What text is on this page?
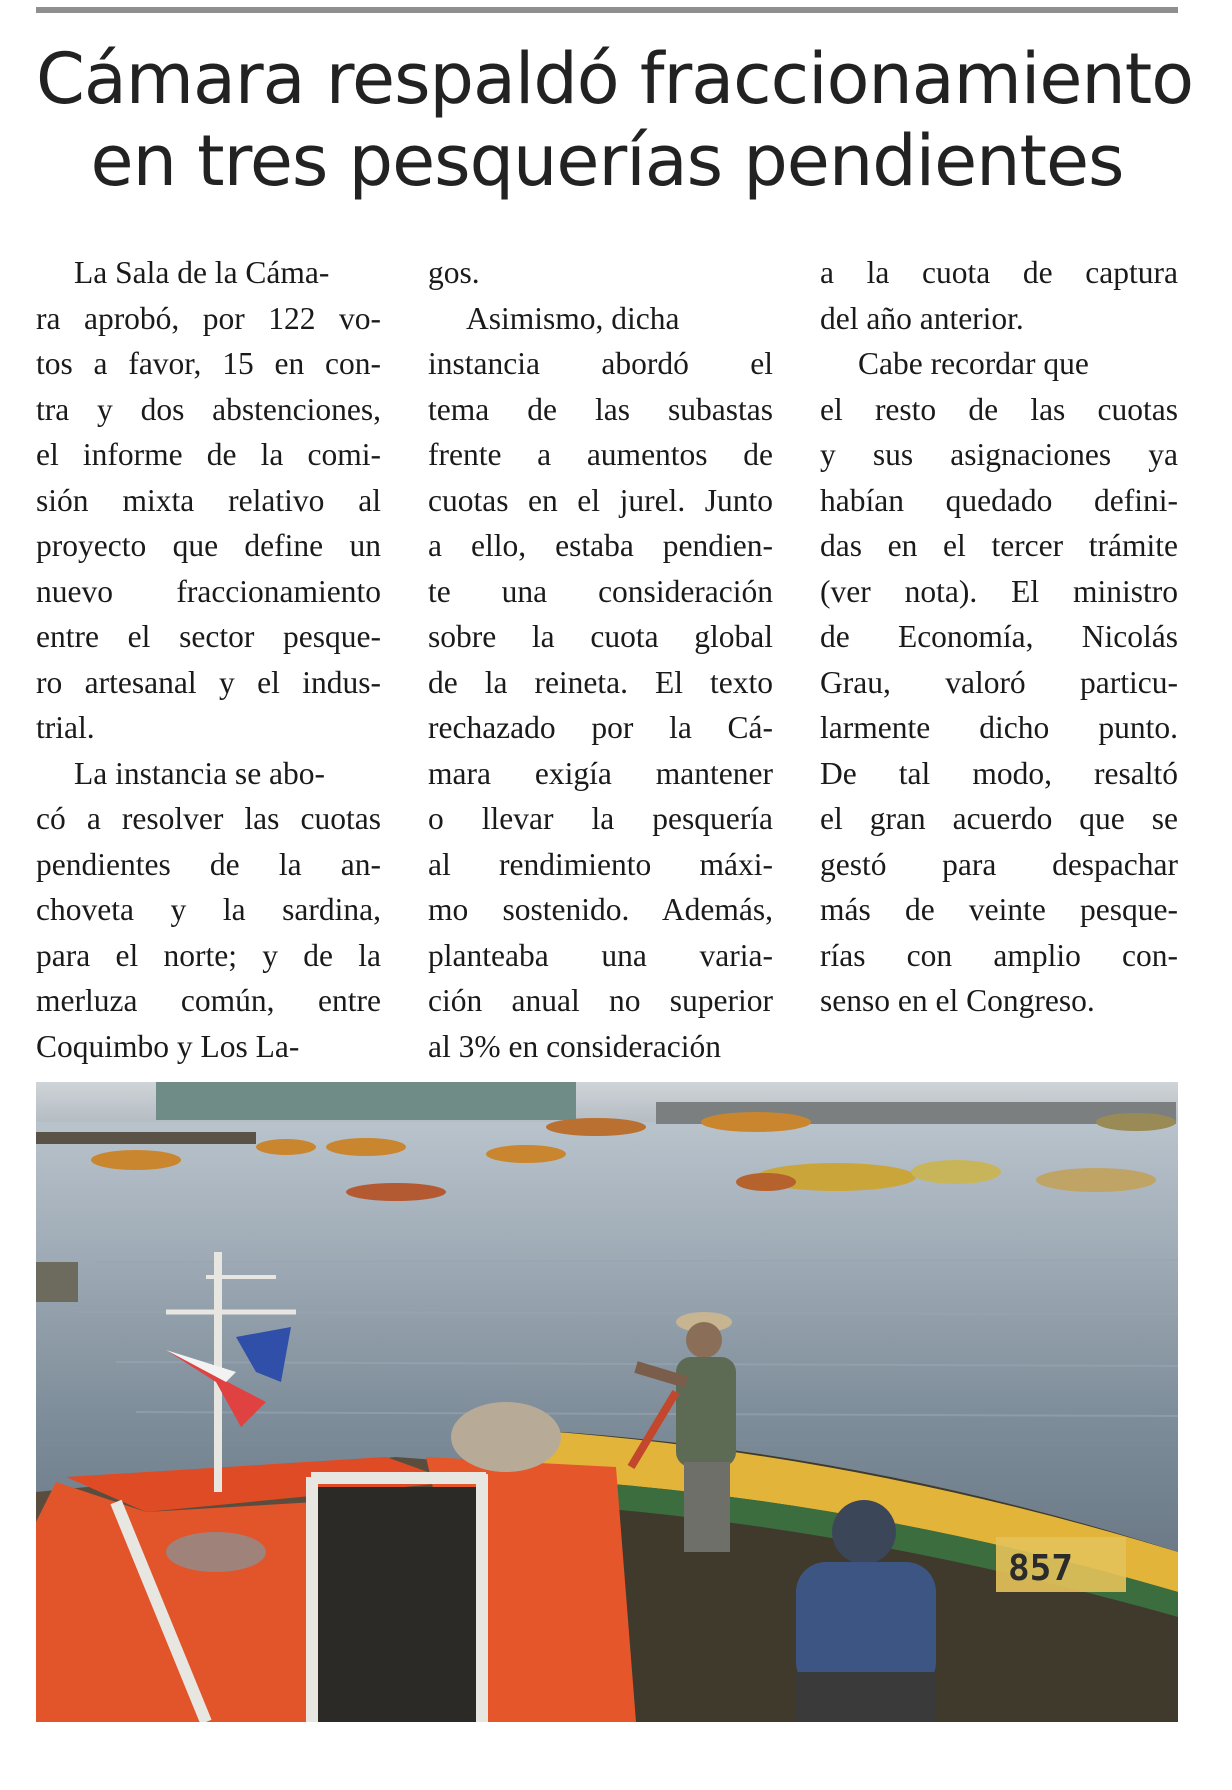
Cámara respaldó fraccionamiento
en tres pesquerías pendientes
La Sala de la Cáma-
ra aprobó, por 122 vo-
tos a favor, 15 en con-
tra y dos abstenciones,
el informe de la comi-
sión mixta relativo al
proyecto que define un
nuevo fraccionamiento
entre el sector pesque-
ro artesanal y el indus-
trial.
La instancia se abo-
có a resolver las cuotas
pendientes de la an-
choveta y la sardina,
para el norte; y de la
merluza común, entre
Coquimbo y Los La-
gos.
Asimismo, dicha
instancia abordó el
tema de las subastas
frente a aumentos de
cuotas en el jurel. Junto
a ello, estaba pendien-
te una consideración
sobre la cuota global
de la reineta. El texto
rechazado por la Cá-
mara exigía mantener
o llevar la pesquería
al rendimiento máxi-
mo sostenido. Además,
planteaba una varia-
ción anual no superior
al 3% en consideración
a la cuota de captura
del año anterior.
Cabe recordar que
el resto de las cuotas
y sus asignaciones ya
habían quedado defini-
das en el tercer trámite
(ver nota). El ministro
de Economía, Nicolás
Grau, valoró particu-
larmente dicho punto.
De tal modo, resaltó
el gran acuerdo que se
gestó para despachar
más de veinte pesque-
rías con amplio con-
senso en el Congreso.
857
